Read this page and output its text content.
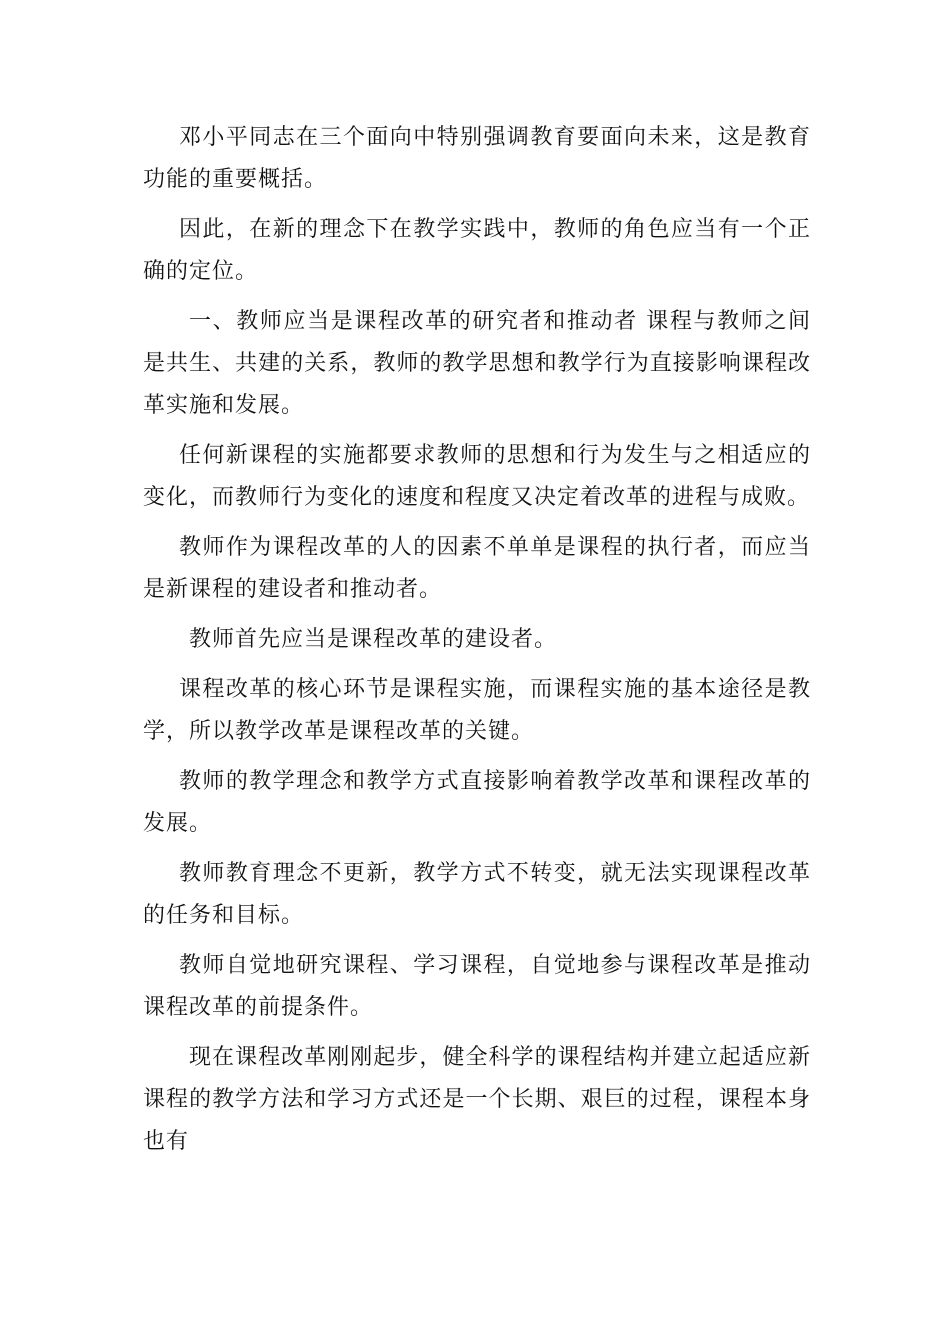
邓小平同志在三个面向中特别强调教育要面向未来，这是教育功能的重要概括。

因此，在新的理念下在教学实践中，教师的角色应当有一个正确的定位。

一、教师应当是课程改革的研究者和推动者 课程与教师之间是共生、共建的关系，教师的教学思想和教学行为直接影响课程改革实施和发展。

任何新课程的实施都要求教师的思想和行为发生与之相适应的变化，而教师行为变化的速度和程度又决定着改革的进程与成败。

教师作为课程改革的人的因素不单单是课程的执行者，而应当是新课程的建设者和推动者。

教师首先应当是课程改革的建设者。

课程改革的核心环节是课程实施，而课程实施的基本途径是教学，所以教学改革是课程改革的关键。

教师的教学理念和教学方式直接影响着教学改革和课程改革的发展。

教师教育理念不更新，教学方式不转变，就无法实现课程改革的任务和目标。

教师自觉地研究课程、学习课程，自觉地参与课程改革是推动课程改革的前提条件。

现在课程改革刚刚起步，健全科学的课程结构并建立起适应新课程的教学方法和学习方式还是一个长期、艰巨的过程，课程本身也有
